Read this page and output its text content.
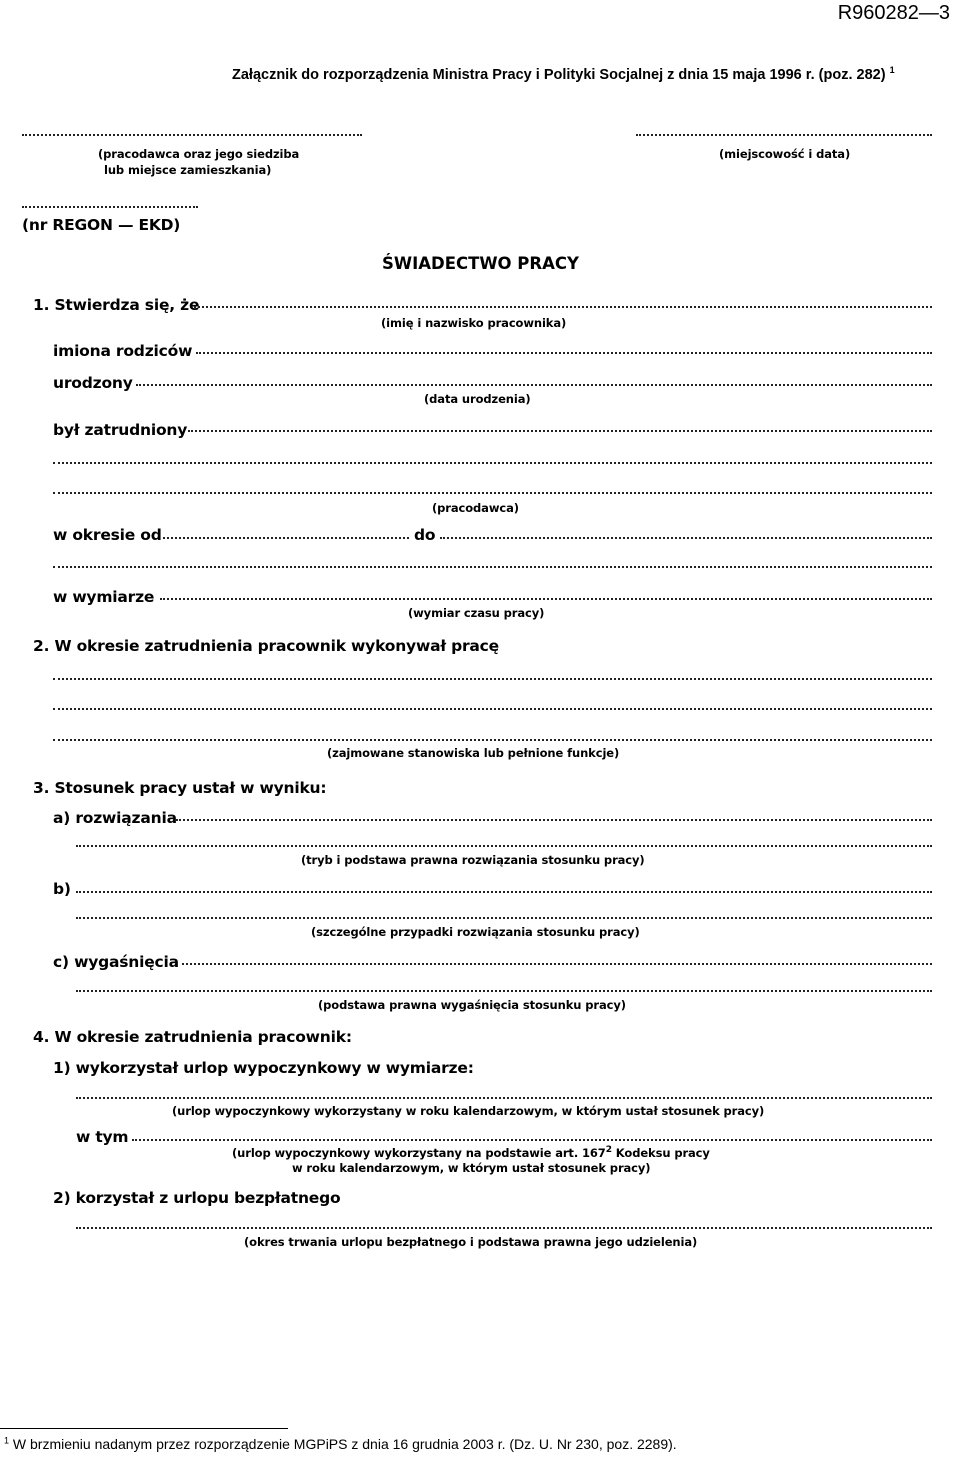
R960282—3
Załącznik do rozporządzenia Ministra Pracy i Polityki Socjalnej z dnia 15 maja 1996 r. (poz. 282) $^1$
(pracodawca oraz jego siedziba
lub miejsce zamieszkania)
(miejscowość i data)
(nr REGON — EKD)
ŚWIADECTWO PRACY
1. Stwierdza się, że
(imię i nazwisko pracownika)
imiona rodziców
urodzony
(data urodzenia)
był zatrudniony
(pracodawca)
w okresie od	do
w wymiarze
(wymiar czasu pracy)
2. W okresie zatrudnienia pracownik wykonywał pracę
(zajmowane stanowiska lub pełnione funkcje)
3. Stosunek pracy ustał w wyniku:
a) rozwiązania
(tryb i podstawa prawna rozwiązania stosunku pracy)
b)
(szczególne przypadki rozwiązania stosunku pracy)
c) wygaśnięcia
(podstawa prawna wygaśnięcia stosunku pracy)
4. W okresie zatrudnienia pracownik:
1) wykorzystał urlop wypoczynkowy w wymiarze:
(urlop wypoczynkowy wykorzystany w roku kalendarzowym, w którym ustał stosunek pracy)
w tym
(urlop wypoczynkowy wykorzystany na podstawie art. $167^2$ Kodeksu pracy
w roku kalendarzowym, w którym ustał stosunek pracy)
2) korzystał z urlopu bezpłatnego
(okres trwania urlopu bezpłatnego i podstawa prawna jego udzielenia)
$^1$ W brzmieniu nadanym przez rozporządzenie MGPiPS z dnia 16 grudnia 2003 r. (Dz. U. Nr 230, poz. 2289).
